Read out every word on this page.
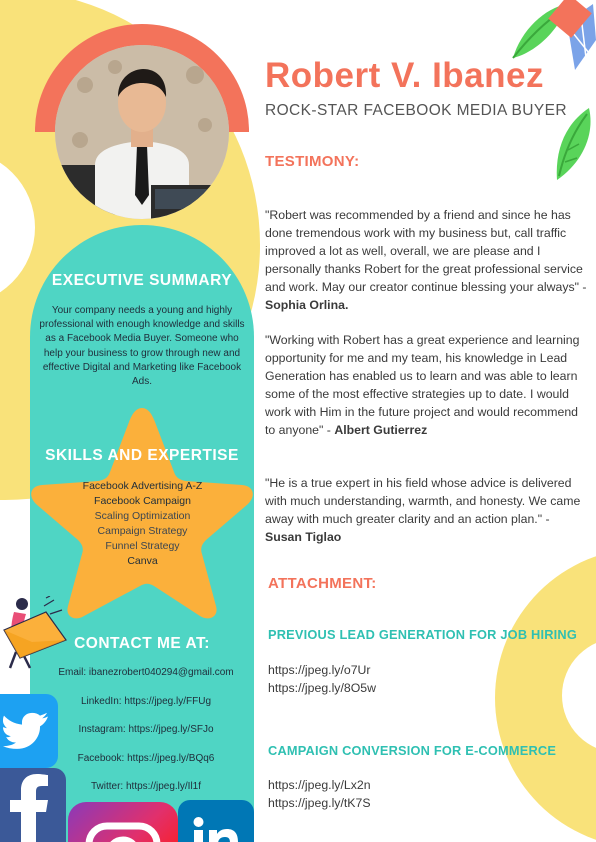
EXECUTIVE SUMMARY
Your company needs a young and highly professional with enough knowledge and skills as a Facebook Media Buyer. Someone who help your business to grow through new and effective Digital and Marketing like Facebook Ads.
SKILLS AND EXPERTISE
Facebook Advertising A-Z
Facebook Campaign
Scaling Optimization
Campaign Strategy
Funnel Strategy
Canva
CONTACT ME AT:
Email: ibanezrobert040294@gmail.com
LinkedIn: https://jpeg.ly/FFUg
Instagram: https://jpeg.ly/SFJo
Facebook: https://jpeg.ly/BQq6
Twitter: https://jpeg.ly/Il1f
Robert V. Ibanez
ROCK-STAR FACEBOOK MEDIA BUYER
TESTIMONY:
"Robert was recommended by a friend and since he has done tremendous work with my business but, call traffic improved a lot as well, overall, we are please and I personally thanks Robert for the great professional service and work. May our creator continue blessing your always" - Sophia Orlina.
"Working with Robert has a great experience and learning opportunity for me and my team, his knowledge in Lead Generation has enabled us to learn and was able to learn some of the most effective strategies up to date. I would work with Him in the future project and would recommend to anyone" - Albert Gutierrez
"He is a true expert in his field whose advice is delivered with much understanding, warmth, and honesty. We came away with much greater clarity and an action plan." - Susan Tiglao
ATTACHMENT:
PREVIOUS LEAD GENERATION FOR JOB HIRING
https://jpeg.ly/o7Ur
https://jpeg.ly/8O5w
CAMPAIGN CONVERSION FOR E-COMMERCE
https://jpeg.ly/Lx2n
https://jpeg.ly/tK7S
